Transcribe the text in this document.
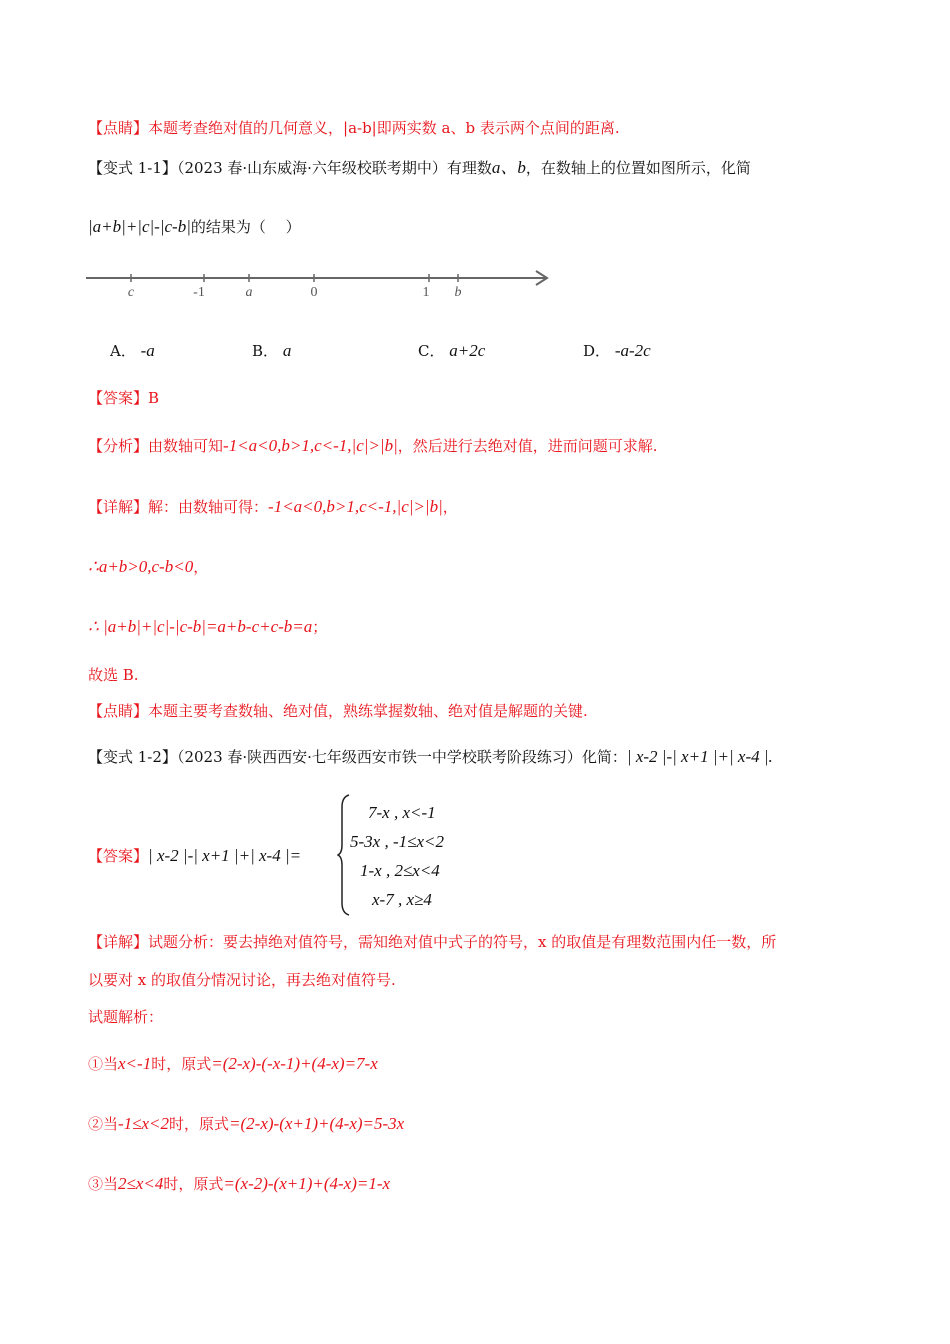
【点睛】本题考查绝对值的几何意义，|a-b|即两实数 a、b 表示两个点间的距离.
【变式 1-1】（2023 春·山东威海·六年级校联考期中）有理数a、b，在数轴上的位置如图所示，化简
|a+b|+|c|-|c-b|的结果为（　 ）
c	-1	a	0	1 b
A． -a	B． a	C． a+2c	D． -a-2c
【答案】B
【分析】由数轴可知-1<a<0,b>1,c<-1,|c|>|b|，然后进行去绝对值，进而问题可求解.
【详解】解：由数轴可得：-1<a<0,b>1,c<-1,|c|>|b|，
∴a+b>0,c-b<0，
∴ |a+b|+|c|-|c-b|=a+b-c+c-b=a；
故选 B.
【点睛】本题主要考查数轴、绝对值，熟练掌握数轴、绝对值是解题的关键.
【变式 1-2】（2023 春·陕西西安·七年级西安市铁一中学校联考阶段练习）化简：| x-2 |-| x+1 |+| x-4 |.
【答案】| x-2 |-| x+1 |+| x-4 |=
7-x , x<-1
5-3x , -1≤x<2
1-x , 2≤x<4
x-7 , x≥4
【详解】试题分析：要去掉绝对值符号，需知绝对值中式子的符号，x 的取值是有理数范围内任一数，所
以要对 x 的取值分情况讨论，再去绝对值符号.
试题解析：
①当x<-1时，原式=(2-x)-(-x-1)+(4-x)=7-x
②当-1≤x<2时，原式=(2-x)-(x+1)+(4-x)=5-3x
③当2≤x<4时，原式=(x-2)-(x+1)+(4-x)=1-x
